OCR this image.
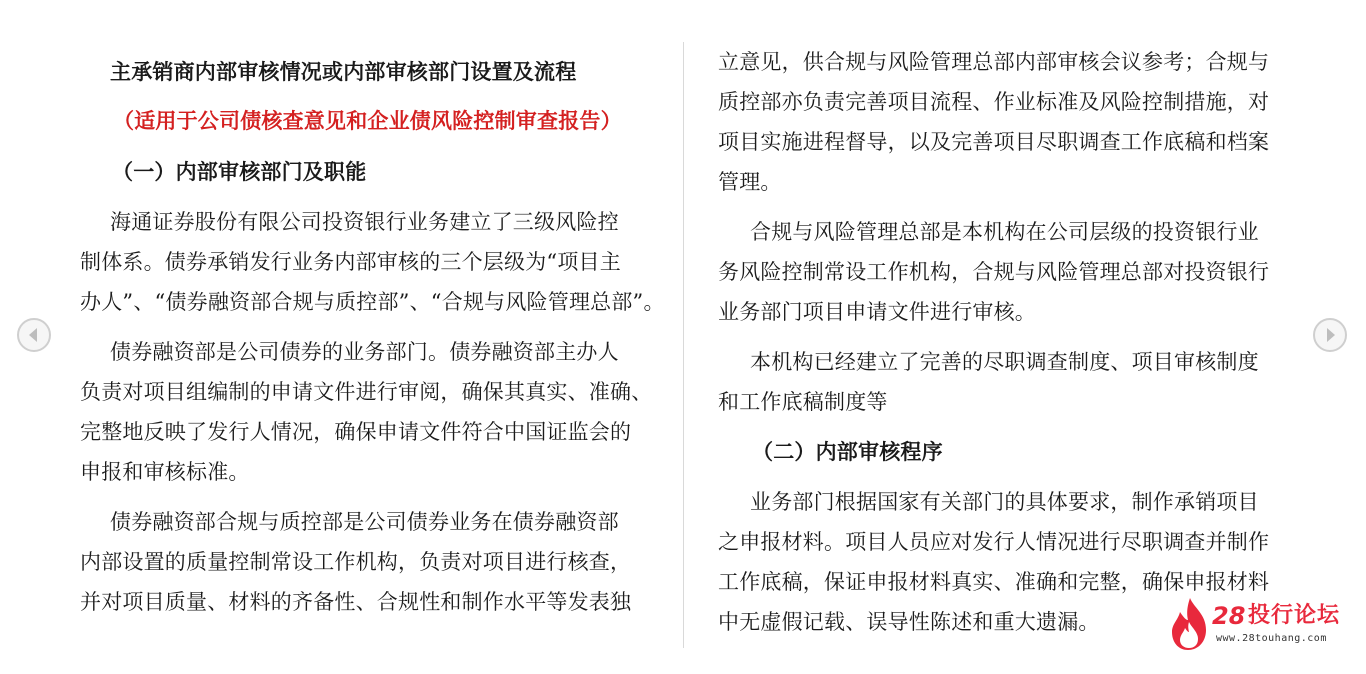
主承销商内部审核情况或内部审核部门设置及流程
（适用于公司债核查意见和企业债风险控制审查报告）
（一）内部审核部门及职能
海通证券股份有限公司投资银行业务建立了三级风险控
制体系。债券承销发行业务内部审核的三个层级为“项目主
办人”、“债券融资部合规与质控部”、“合规与风险管理总部”。
债券融资部是公司债券的业务部门。债券融资部主办人
负责对项目组编制的申请文件进行审阅，确保其真实、准确、
完整地反映了发行人情况，确保申请文件符合中国证监会的
申报和审核标准。
债券融资部合规与质控部是公司债券业务在债券融资部
内部设置的质量控制常设工作机构，负责对项目进行核查，
并对项目质量、材料的齐备性、合规性和制作水平等发表独
立意见，供合规与风险管理总部内部审核会议参考；合规与
质控部亦负责完善项目流程、作业标准及风险控制措施，对
项目实施进程督导，以及完善项目尽职调查工作底稿和档案
管理。
合规与风险管理总部是本机构在公司层级的投资银行业
务风险控制常设工作机构，合规与风险管理总部对投资银行
业务部门项目申请文件进行审核。
本机构已经建立了完善的尽职调查制度、项目审核制度
和工作底稿制度等
（二）内部审核程序
业务部门根据国家有关部门的具体要求，制作承销项目
之申报材料。项目人员应对发行人情况进行尽职调查并制作
工作底稿，保证申报材料真实、准确和完整，确保申报材料
中无虚假记载、误导性陈述和重大遗漏。	28 投行论坛
www.28touhang.com
